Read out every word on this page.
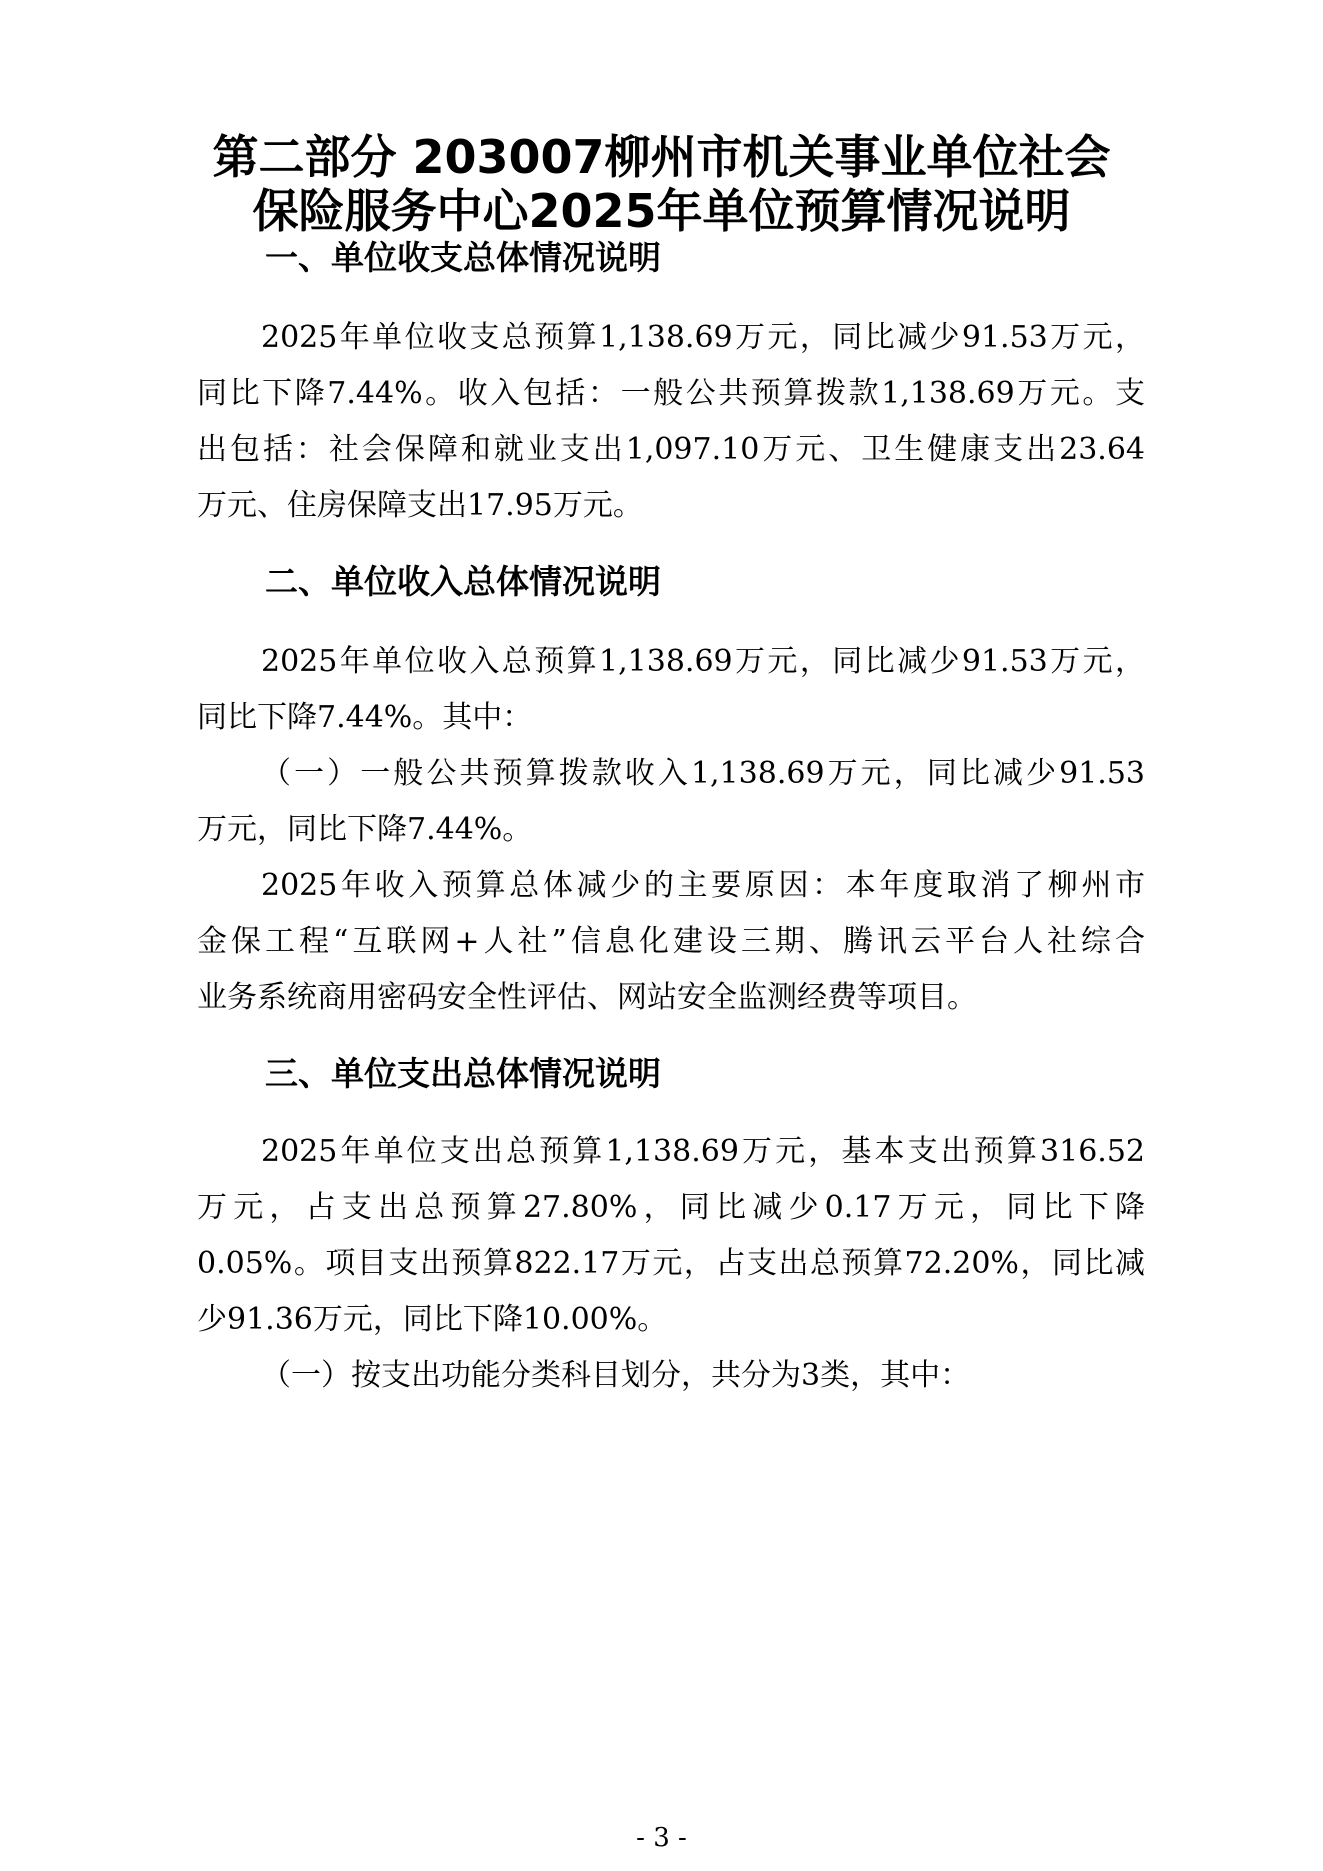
第二部分 203007柳州市机关事业单位社会
保险服务中心2025年单位预算情况说明
一、单位收支总体情况说明

2025年单位收支总预算1,138.69万元，同比减少91.53万元，

同比下降7.44%。收入包括：一般公共预算拨款1,138.69万元。支

出包括：社会保障和就业支出1,097.10万元、卫生健康支出23.64

万元、住房保障支出17.95万元。

二、单位收入总体情况说明

2025年单位收入总预算1,138.69万元，同比减少91.53万元，

同比下降7.44%。其中：

（一）一般公共预算拨款收入1,138.69万元，同比减少91.53

万元，同比下降7.44%。

2025年收入预算总体减少的主要原因：本年度取消了柳州市

金保工程“互联网+人社”信息化建设三期、腾讯云平台人社综合

业务系统商用密码安全性评估、网站安全监测经费等项目。

三、单位支出总体情况说明

2025年单位支出总预算1,138.69万元，基本支出预算316.52

万元，占支出总预算27.80%，同比减少0.17万元，同比下降

0.05%。项目支出预算822.17万元，占支出总预算72.20%，同比减

少91.36万元，同比下降10.00%。

（一）按支出功能分类科目划分，共分为3类，其中：

- 3 -
